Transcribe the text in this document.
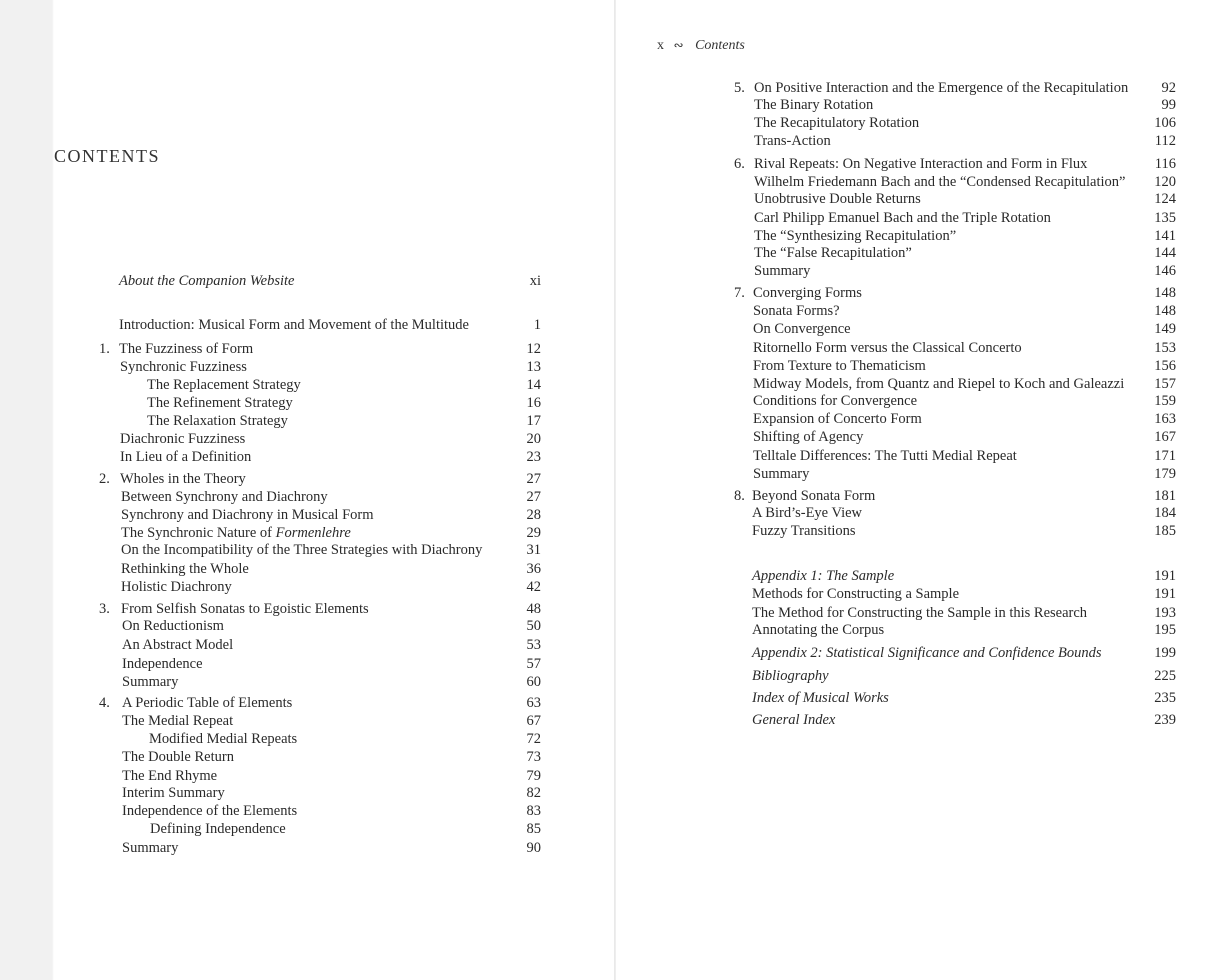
CONTENTS
About the Companion Website	xi
Introduction: Musical Form and Movement of the Multitude	1
1. The Fuzziness of Form	12
Synchronic Fuzziness	13
The Replacement Strategy	14
The Refinement Strategy	16
The Relaxation Strategy	17
Diachronic Fuzziness	20
In Lieu of a Definition	23
2. Wholes in the Theory	27
Between Synchrony and Diachrony	27
Synchrony and Diachrony in Musical Form	28
The Synchronic Nature of Formenlehre	29
On the Incompatibility of the Three Strategies with Diachrony	31
Rethinking the Whole	36
Holistic Diachrony	42
3. From Selfish Sonatas to Egoistic Elements	48
On Reductionism	50
An Abstract Model	53
Independence	57
Summary	60
4. A Periodic Table of Elements	63
The Medial Repeat	67
Modified Medial Repeats	72
The Double Return	73
The End Rhyme	79
Interim Summary	82
Independence of the Elements	83
Defining Independence	85
Summary	90
5. On Positive Interaction and the Emergence of the Recapitulation 92
The Binary Rotation	99
The Recapitulatory Rotation	106
Trans-Action	112
6. Rival Repeats: On Negative Interaction and Form in Flux	116
Wilhelm Friedemann Bach and the “Condensed Recapitulation” 120
Unobtrusive Double Returns	124
Carl Philipp Emanuel Bach and the Triple Rotation	135
The “Synthesizing Recapitulation”	141
The “False Recapitulation”	144
Summary	146
7. Converging Forms	148
Sonata Forms?	148
On Convergence	149
Ritornello Form versus the Classical Concerto	153
From Texture to Thematicism	156
Midway Models, from Quantz and Riepel to Koch and Galeazzi 157
Conditions for Convergence	159
Expansion of Concerto Form	163
Shifting of Agency	167
Telltale Differences: The Tutti Medial Repeat	171
Summary	179
8. Beyond Sonata Form	181
A Bird’s-Eye View	184
Fuzzy Transitions	185
Appendix 1: The Sample	191
Methods for Constructing a Sample	191
The Method for Constructing the Sample in this Research	193
Annotating the Corpus	195
Appendix 2: Statistical Significance and Confidence Bounds	199
Bibliography	225
Index of Musical Works	235
General Index	239
x ∾ Contents
